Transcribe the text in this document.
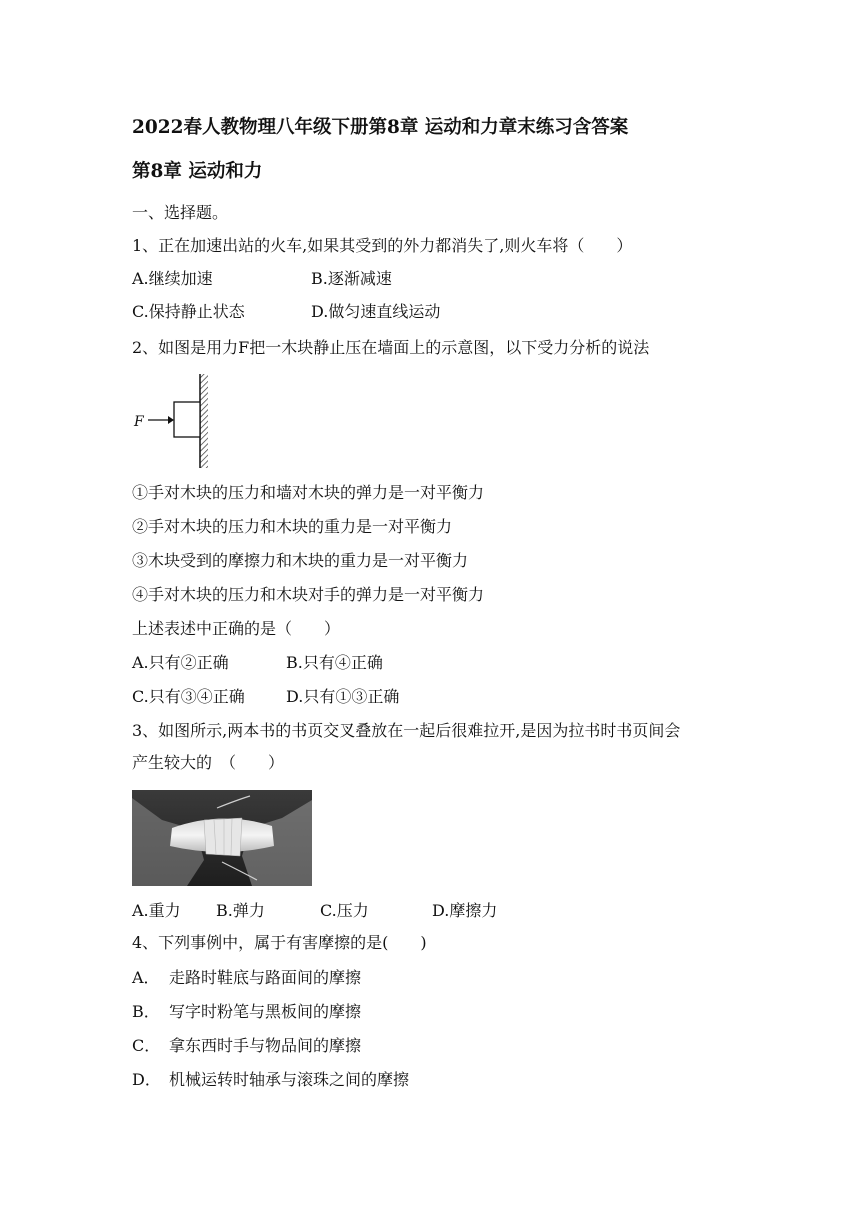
2022春人教物理八年级下册第8章 运动和力章末练习含答案
第8章 运动和力
一、选择题。
1、正在加速出站的火车,如果其受到的外力都消失了,则火车将（　　）
A.继续加速	B.逐渐减速
C.保持静止状态	D.做匀速直线运动
2、如图是用力F把一木块静止压在墙面上的示意图，以下受力分析的说法
F
①手对木块的压力和墙对木块的弹力是一对平衡力
②手对木块的压力和木块的重力是一对平衡力
③木块受到的摩擦力和木块的重力是一对平衡力
④手对木块的压力和木块对手的弹力是一对平衡力
上述表述中正确的是（　　）
A.只有②正确	B.只有④正确
C.只有③④正确	D.只有①③正确
3、如图所示,两本书的书页交叉叠放在一起后很难拉开,是因为拉书时书页间会
产生较大的　（　　）
A.重力 B.弹力	C.压力	D.摩擦力
4、下列事例中，属于有害摩擦的是(　　)
A． 走路时鞋底与路面间的摩擦
B． 写字时粉笔与黑板间的摩擦
C． 拿东西时手与物品间的摩擦
D． 机械运转时轴承与滚珠之间的摩擦
